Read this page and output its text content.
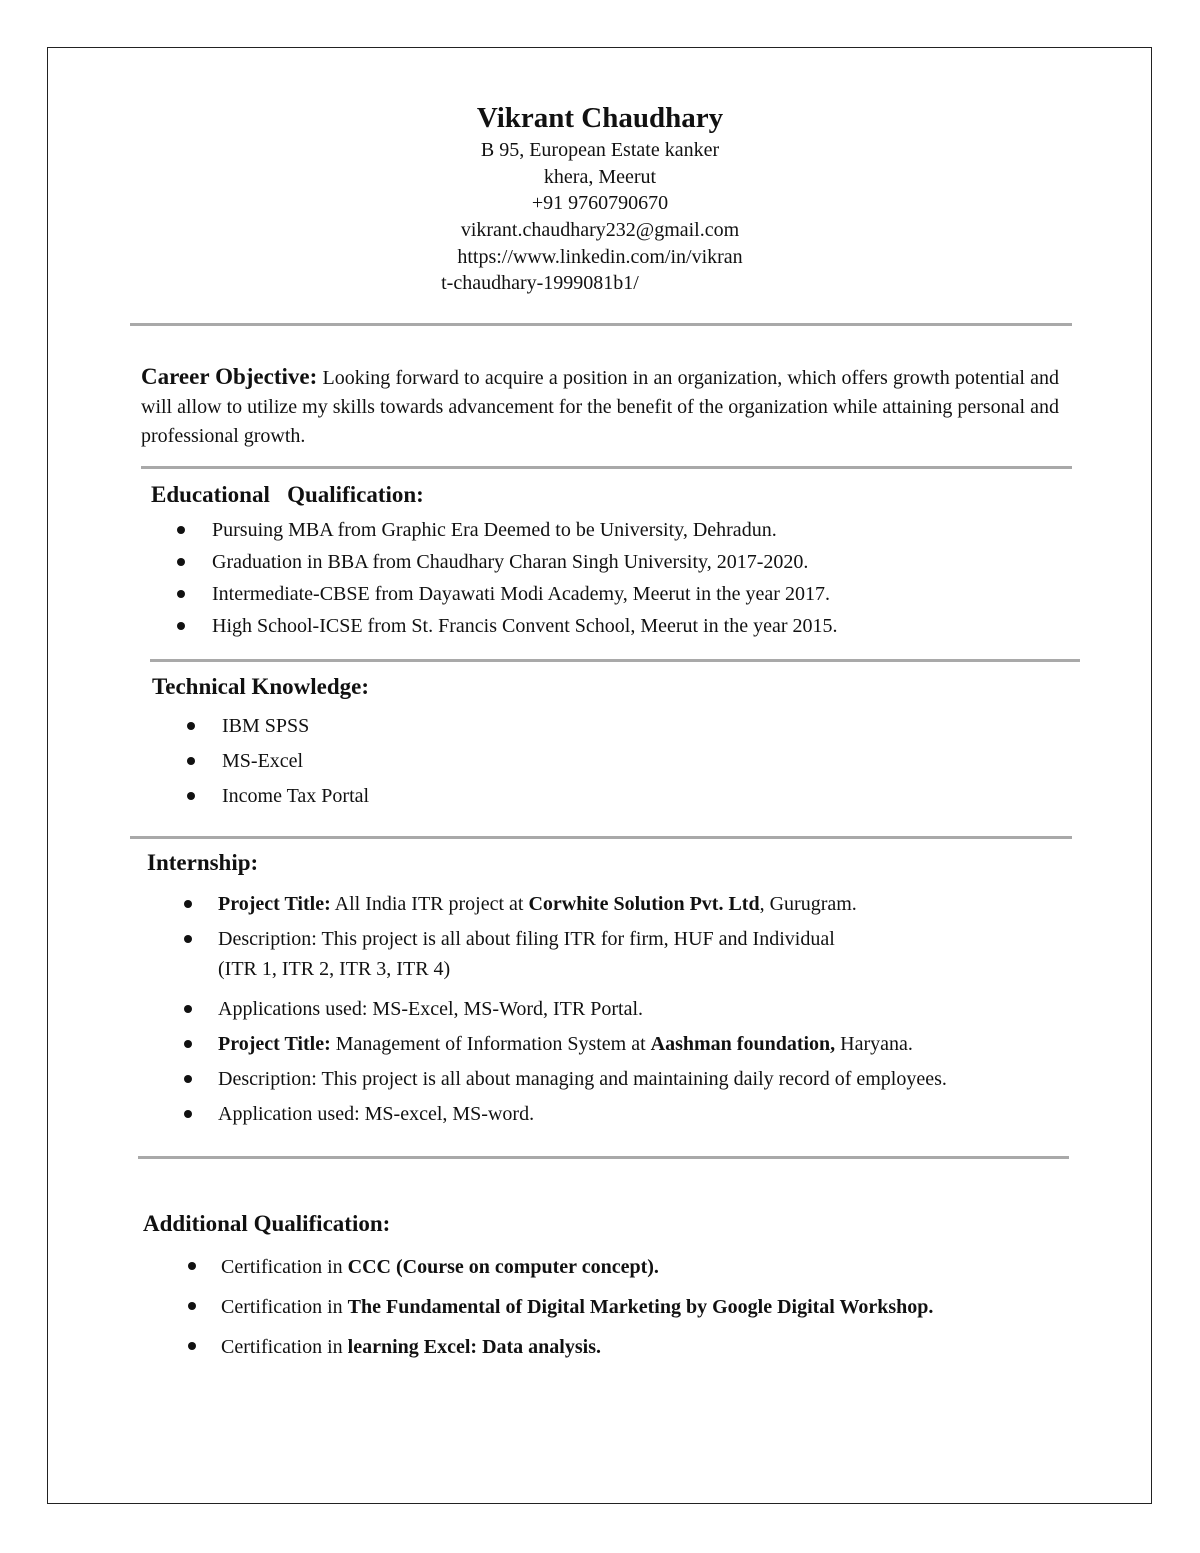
Vikrant Chaudhary
B 95, European Estate kanker
khera, Meerut
+91 9760790670
vikrant.chaudhary232@gmail.com
https://www.linkedin.com/in/vikran
t-chaudhary-1999081b1/
Career Objective: Looking forward to acquire a position in an organization, which offers growth potential and will allow to utilize my skills towards advancement for the benefit of the organization while attaining personal and professional growth.
Educational   Qualification:
Pursuing MBA from Graphic Era Deemed to be University, Dehradun.
Graduation in BBA from Chaudhary Charan Singh University, 2017-2020.
Intermediate-CBSE from Dayawati Modi Academy, Meerut in the year 2017.
High School-ICSE from St. Francis Convent School, Meerut in the year 2015.
Technical Knowledge:
IBM SPSS
MS-Excel
Income Tax Portal
Internship:
Project Title: All India ITR project at Corwhite Solution Pvt. Ltd, Gurugram.
Description: This project is all about filing ITR for firm, HUF and Individual
(ITR 1, ITR 2, ITR 3, ITR 4)
Applications used: MS-Excel, MS-Word, ITR Portal.
Project Title: Management of Information System at Aashman foundation, Haryana.
Description: This project is all about managing and maintaining daily record of employees.
Application used: MS-excel, MS-word.
Additional Qualification:
Certification in CCC (Course on computer concept).
Certification in The Fundamental of Digital Marketing by Google Digital Workshop.
Certification in learning Excel: Data analysis.
